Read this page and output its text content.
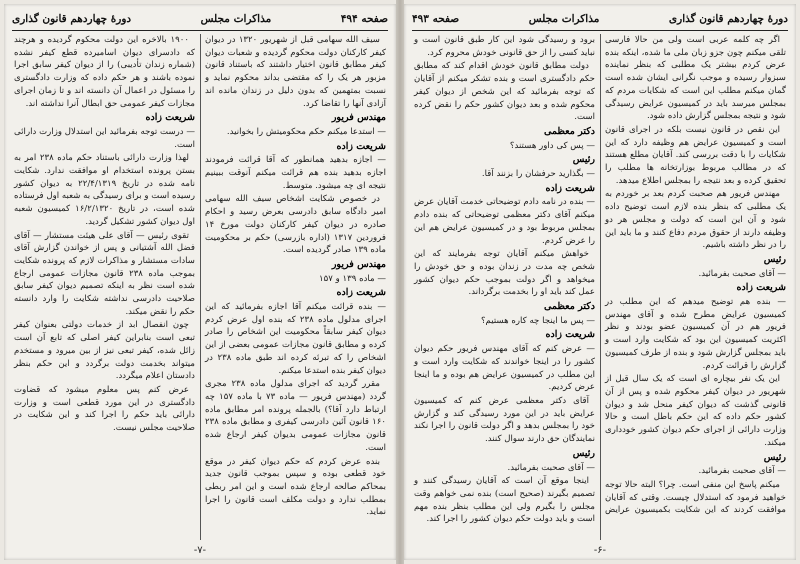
صفحه ۴۹۴
مذاکرات مجلس
دورهٔ چهاردهم قانون گذاری

سیف الله سهامی قبل از شهریور ۱۳۲۰ در دیوان کیفر کارکنان دولت محکوم گردیده و شعبات دیوان کیفر مطابق قانون اختیار داشتند که باستناد قانون مزبور هر یک را که مقتضی بداند محکوم نماید و نسبت بمتهمین که بدون دلیل در زندان مانده اند آزادی آنها را تقاضا کرد.

مهندس فریور
— استدعا میکنم حکم محکومیتش را بخوانید.

شریعت زاده
— اجازه بدهید همانطور که آقا قرائت فرمودند اجازه بدهید بنده هم قرائت میکنم آنوقت ببینیم نتیجه ای چه میشود. متوسط.

در خصوص شکایت اشخاص سیف الله سهامی امیر دادگاه سابق دادرسی بعرض رسید و احکام صادره در دیوان کیفر کارکنان دولت مورخ ۱۴ فروردین ۱۳۱۷ (اداره بازرسی) حکم بر محکومیت ماده ۱۳۹ صادر گردیده است.

مهندس فریور
— ماده ۱۳۹ و ۱۵۷

شریعت زاده
— بنده قرائت میکنم آقا اجازه بفرمائید که این اجرای مدلول ماده ۲۳۸ که بنده اول عرض کردم دیوان کیفر سابقاً محکومیت این اشخاص را صادر کرده و مطابق قانون مجازات عمومی بعضی از این اشخاص را که تبرئه کرده اند طبق ماده ۲۳۸ در دیوان کیفر بنده استدعا میکنم.

مقرر گردید که اجرای مدلول ماده ۲۳۸ مجری گردد (مهندس فریور — ماده ۷۳ با ماده ۱۵۷ چه ارتباط دارد آقا؟) بالجمله پرونده امر مطابق ماده ۱۶۰ قانون آئین دادرسی کیفری و مطابق ماده ۲۳۸ قانون مجازات عمومی بدیوان کیفر ارجاع شده است.

بنده عرض کردم که حکم دیوان کیفر در موقع خود قطعی بوده و سپس بموجب قانون جدید بمحاکم صالحه ارجاع شده است و این امر ربطی بمطلب ندارد و دولت مکلف است قانون را اجرا نماید.

۱۹۰۰ بالاخره این دولت محکوم گردیده و هرچند که دادسرای دیوان اسامیرده قطع کیفر نشده (شماره زندان تأدیبی) را از دیوان کیفر سابق اجرا نموده باشند و هر حکم داده که وزارت دادگستری را مسئول در اعمال آن دانسته اند و تا زمان اجرای مجازات کیفر عمومی حق ابطال آنرا نداشته اند.

شریعت زاده
— درست توجه بفرمائید این استدلال وزارت دارائی است.

لهذا وزارت دارائی باستناد حکم ماده ۲۳۸ امر به بستن پرونده استخدام او موافقت ندارد. شکایت نامه شده در تاریخ ۲۲/۴/۱۳۱۹ به دیوان کشور رسیده است و برای رسیدگی به شعبه اول فرستاده شده است، در تاریخ ۱۶/۲/۱۳۲۰ کمیسیون شعبه اول دیوان کشور تشکیل گردید.

تقوی رئیس — آقای علی هیئت مستشار — آقای فضل الله آشتیانی و پس از خواندن گزارش آقای سادات مستشار و مذاکرات لازم که پرونده شکایت بموجب ماده ۲۳۸ قانون مجازات عمومی ارجاع شده است نظر به اینکه تصمیم دیوان کیفر سابق صلاحیت دادرسی نداشته شکایت را وارد دانسته حکم را نقض میکند.

چون انفصال ابد از خدمات دولتی بعنوان کیفر تبعی است بنابراین کیفر اصلی که تابع آن است زائل شده، کیفر تبعی نیز از بین میرود و مستخدم میتواند بخدمت دولت برگردد و این حکم بنظر دادستان اعلام میگردد.

عرض کنم پس معلوم میشود که قضاوت دادگستری در این مورد قطعی است و وزارت دارائی باید حکم را اجرا کند و این شکایت در صلاحیت مجلس نیست.

-۷-
دورهٔ چهاردهم قانون گذاری
مذاکرات مجلس
صفحه ۴۹۳

اگر چه کلمه عربی است ولی من حالا فارسی تلقی میکنم چون جزو زبان ملی ما شده، اینکه بنده عرض کردم بیشتر یک مطلبی که بنظر نماینده سبزوار رسیده و موجب نگرانی ایشان شده است گمان میکنم مطلب این است که شکایات مردم که بمجلس میرسد باید در کمیسیون عرایض رسیدگی شود و نتیجه بمجلس گزارش داده شود.

این نقص در قانون نیست بلکه در اجرای قانون است و کمیسیون عرایض هم وظیفه دارد که این شکایات را با دقت بررسی کند. آقایان مطلع هستند که در مطالب مربوط بوزارتخانه ها مطلب را تحقیق کرده و بعد نتیجه را بمجلس اطلاع میدهد.

مهندس فریور هم صحبت کردم بعد بر خوردم به یک مطلبی که بنظر بنده لازم است توضیح داده شود و آن این است که دولت و مجلس هر دو وظیفه دارند از حقوق مردم دفاع کنند و ما باید این را در نظر داشته باشیم.

رئیس
— آقای صحبت بفرمائید.

شریعت زاده
— بنده هم توضیح میدهم که این مطلب در کمیسیون عرایض مطرح شده و آقای مهندس فریور هم در آن کمیسیون عضو بودند و نظر اکثریت کمیسیون این بود که شکایت وارد است و باید بمجلس گزارش شود و بنده از طرف کمیسیون گزارش را قرائت کردم.

این یک نفر بیچاره ای است که یک سال قبل از شهریور در دیوان کیفر محکوم شده و پس از آن قانونی گذشت که دیوان کیفر منحل شد و دیوان کشور حکم داده که این حکم باطل است و حالا وزارت دارائی از اجرای حکم دیوان کشور خودداری میکند.

رئیس
— آقای صحبت بفرمائید.

میکنم پاسخ این منفی است. چرا؟ البته حالا توجه خواهید فرمود که استدلال چیست. وقتی که آقایان موافقت کردند که این شکایت بکمیسیون عرایض برود و رسیدگی شود این کار طبق قانون است و نباید کسی را از حق قانونی خودش محروم کرد.

دولت مطابق قانون خودش اقدام کند که مطابق حکم دادگستری است و بنده تشکر میکنم از آقایان که توجه بفرمائید که این شخص از دیوان کیفر محکوم شده و بعد دیوان کشور حکم را نقض کرده است.

دکتر معظمی
— پس کی داور هستند؟

رئیس
— بگذارید حرفشان را بزنند آقا.

شریعت زاده
— بنده در نامه دادم توضیحاتی خدمت آقایان عرض میکنم آقای دکتر معظمی توضیحاتی که بنده دادم بمجلس مربوط بود و در کمیسیون عرایض هم این را عرض کردم.

خواهش میکنم آقایان توجه بفرمایند که این شخص چه مدت در زندان بوده و حق خودش را میخواهد و اگر دولت بموجب حکم دیوان کشور عمل کند باید او را بخدمت برگرداند.

دکتر معظمی
— پس ما اینجا چه کاره هستیم؟

شریعت زاده
— عرض کنم که آقای مهندس فریور حکم دیوان کشور را در اینجا خواندند که شکایت وارد است و این مطلب در کمیسیون عرایض هم بوده و ما اینجا عرض کردیم.

آقای دکتر معظمی عرض کنم که کمیسیون عرایض باید در این مورد رسیدگی کند و گزارش خود را بمجلس بدهد و اگر دولت قانون را اجرا نکند نمایندگان حق دارند سوال کنند.

رئیس
— آقای صحبت بفرمائید.

اینجا موقع آن است که آقایان رسیدگی کنند و تصمیم بگیرند (صحیح است) بنده نمی خواهم وقت مجلس را بگیرم ولی این مطلب بنظر بنده مهم است و باید دولت حکم دیوان کشور را اجرا کند.

-۶-
